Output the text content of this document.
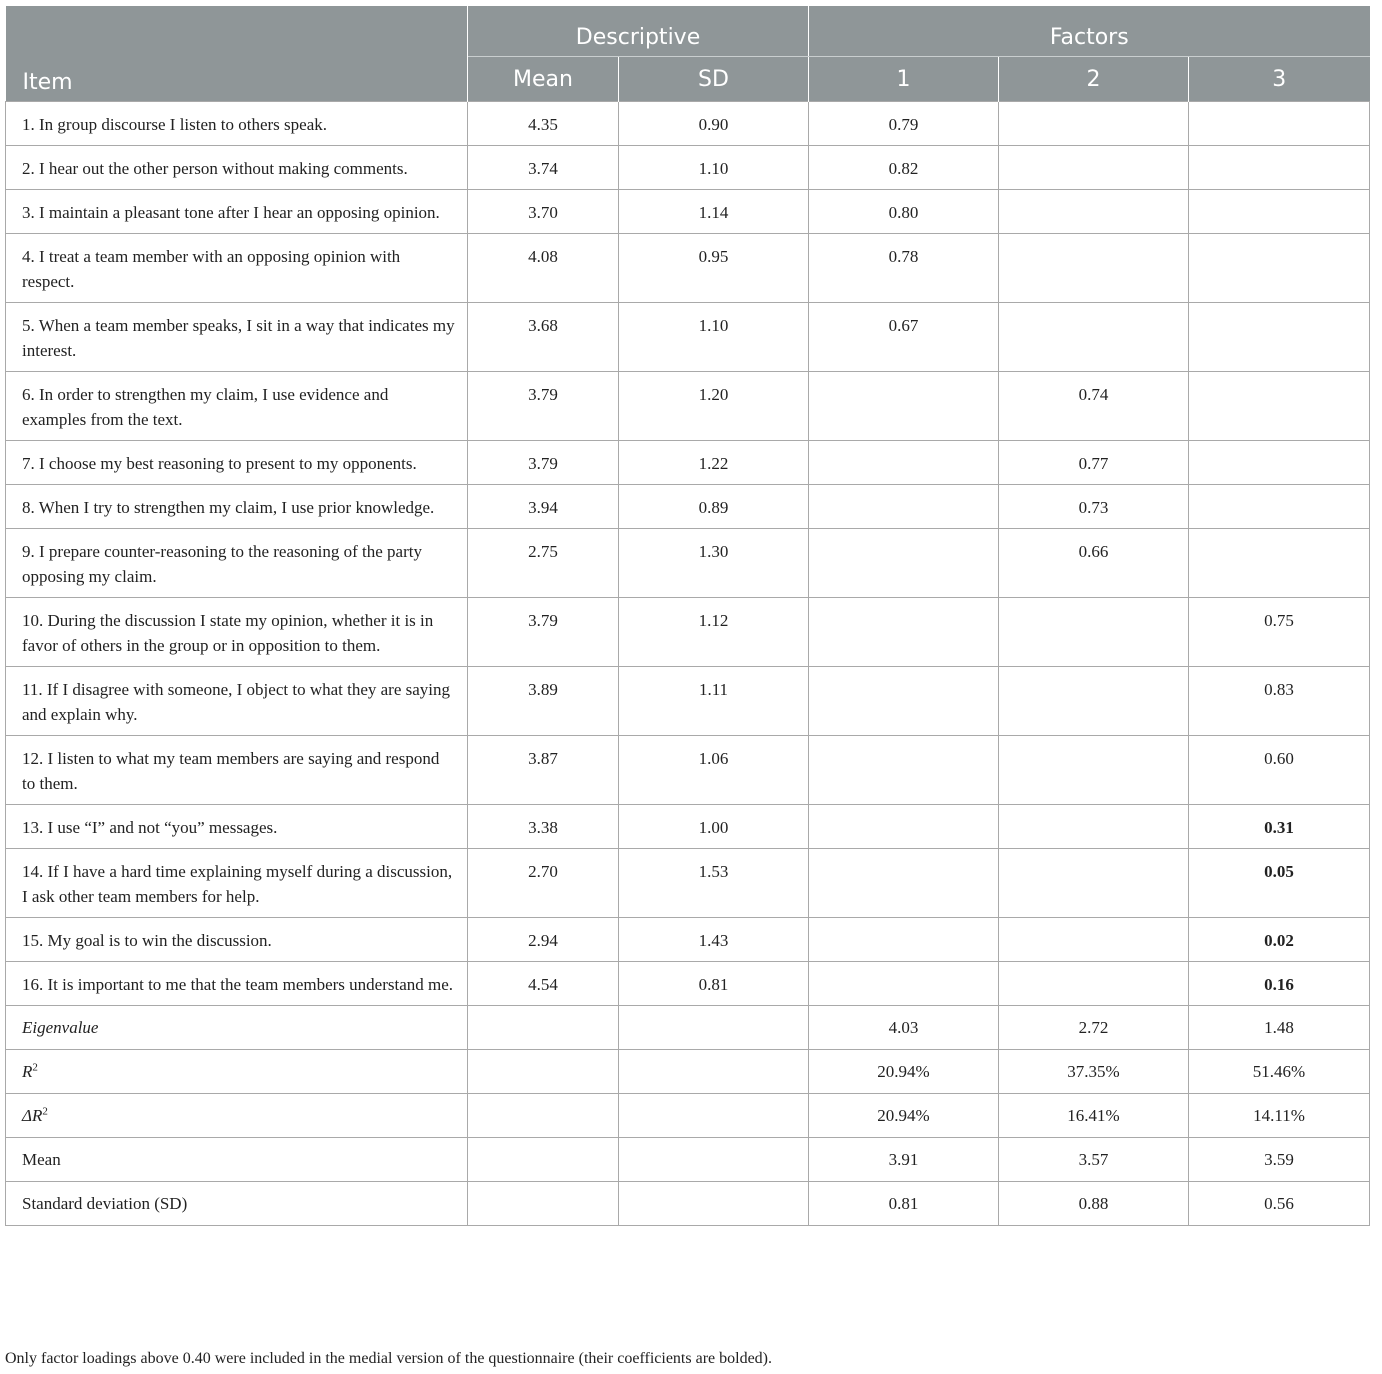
Item	Descriptive		Factors		
	Mean	SD	1	2	3
1. In group discourse I listen to others speak.	4.35	0.90	0.79		
2. I hear out the other person without making comments.	3.74	1.10	0.82		
3. I maintain a pleasant tone after I hear an opposing opinion.	3.70	1.14	0.80		
4. I treat a team member with an opposing opinion with respect.	4.08	0.95	0.78		
5. When a team member speaks, I sit in a way that indicates my interest.	3.68	1.10	0.67		
6. In order to strengthen my claim, I use evidence and examples from the text.	3.79	1.20		0.74	
7. I choose my best reasoning to present to my opponents.	3.79	1.22		0.77	
8. When I try to strengthen my claim, I use prior knowledge.	3.94	0.89		0.73	
9. I prepare counter-reasoning to the reasoning of the party opposing my claim.	2.75	1.30		0.66	
10. During the discussion I state my opinion, whether it is in favor of others in the group or in opposition to them.	3.79	1.12			0.75
11. If I disagree with someone, I object to what they are saying and explain why.	3.89	1.11			0.83
12. I listen to what my team members are saying and respond to them.	3.87	1.06			0.60
13. I use “I” and not “you” messages.	3.38	1.00			0.31
14. If I have a hard time explaining myself during a discussion, I ask other team members for help.	2.70	1.53			0.05
15. My goal is to win the discussion.	2.94	1.43			0.02
16. It is important to me that the team members understand me.	4.54	0.81			0.16
Eigenvalue			4.03	2.72	1.48
$R^2$			20.94%	37.35%	51.46%
$\Delta R^2$			20.94%	16.41%	14.11%
Mean			3.91	3.57	3.59
Standard deviation (SD)			0.81	0.88	0.56
Only factor loadings above 0.40 were included in the medial version of the questionnaire (their coefficients are bolded).
